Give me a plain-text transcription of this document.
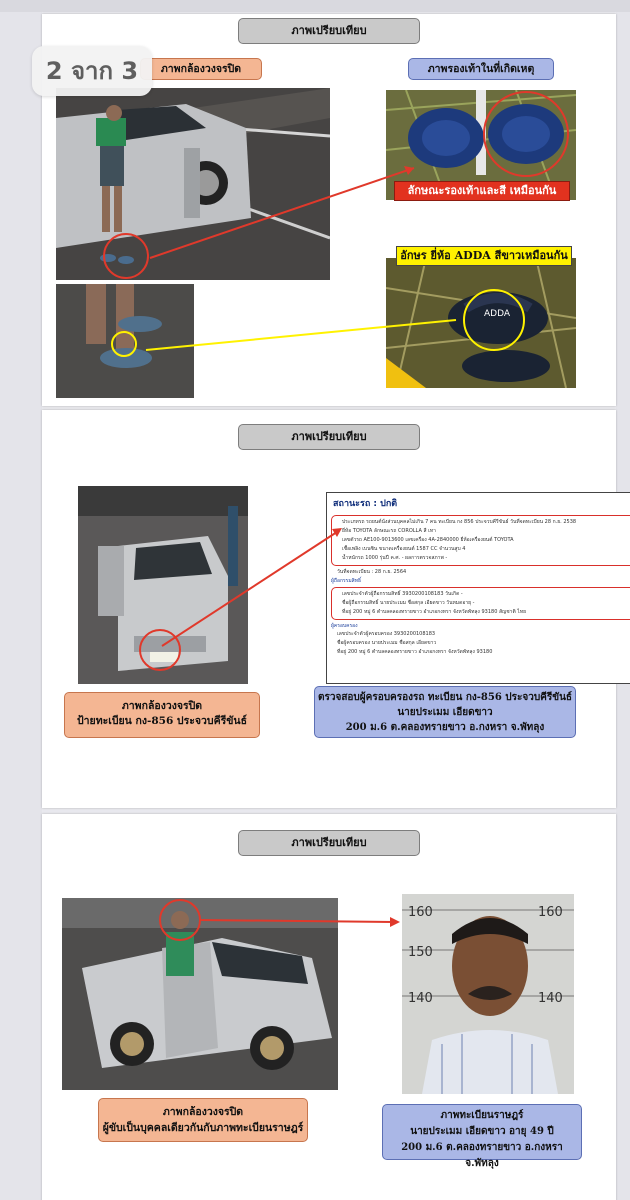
ภาพเปรียบเทียบ
ภาพกล้องวงจรปิด	ภาพรองเท้าในที่เกิดเหตุ
ลักษณะรองเท้าและสี เหมือนกัน
ADDA
อักษร ยี่ห้อ ADDA สีขาวเหมือนกัน
2 จาก 3
ภาพเปรียบเทียบ
สถานะรถ : ปกติ
ประเภทรถ รถยนต์นั่งส่วนบุคคลไม่เกิน 7 คน ทะเบียน กง 856 ประจวบคีรีขันธ์ วันที่จดทะเบียน 28 ก.ย. 2538
ยี่ห้อ TOYOTA ลักษณะรถ COROLLA สี เทา
เลขตัวรถ AE100-9013600 เลขเครื่อง 4A-2840000 ยี่ห้อเครื่องยนต์ TOYOTA
เชื้อเพลิง เบนซิน ขนาดเครื่องยนต์ 1587 CC จำนวนสูบ 4
น้ำหนักรถ 1000 รุ่นปี ค.ศ. - ผลการตรวจสภาพ -
วันที่จดทะเบียน : 28 ก.ย. 2564
ผู้ถือกรรมสิทธิ์
เลขประจำตัวผู้ถือกรรมสิทธิ์ 3930200108183 วันเกิด -
ชื่อผู้ถือกรรมสิทธิ์ นายประเมม ชื่อสกุล เอียดขาว วันหมดอายุ -
ที่อยู่ 200 หมู่ 6 ตำบลคลองทรายขาว อำเภอกงหรา จังหวัดพัทลุง 93180 สัญชาติ ไทย
ผู้ครอบครอง
เลขประจำตัวผู้ครอบครอง 3930200108183
ชื่อผู้ครอบครอง นายประเมม ชื่อสกุล เอียดขาว
ที่อยู่ 200 หมู่ 6 ตำบลคลองทรายขาว อำเภอกงหรา จังหวัดพัทลุง 93180
ภาพกล้องวงจรปิด
ป้ายทะเบียน กง-856 ประจวบคีรีขันธ์
ตรวจสอบผู้ครอบครองรถ ทะเบียน กง-856 ประจวบคีรีขันธ์
นายประเมม เอียดขาว
200 ม.6 ต.คลองทรายขาว อ.กงหรา จ.พัทลุง
ภาพเปรียบเทียบ
160	160
150
140	140
ภาพกล้องวงจรปิด
ผู้ขับเป็นบุคคลเดียวกันกับภาพทะเบียนราษฎร์
ภาพทะเบียนราษฎร์
นายประเมม เอียดขาว อายุ 49 ปี
200 ม.6 ต.คลองทรายขาว อ.กงหรา จ.พัทลุง
